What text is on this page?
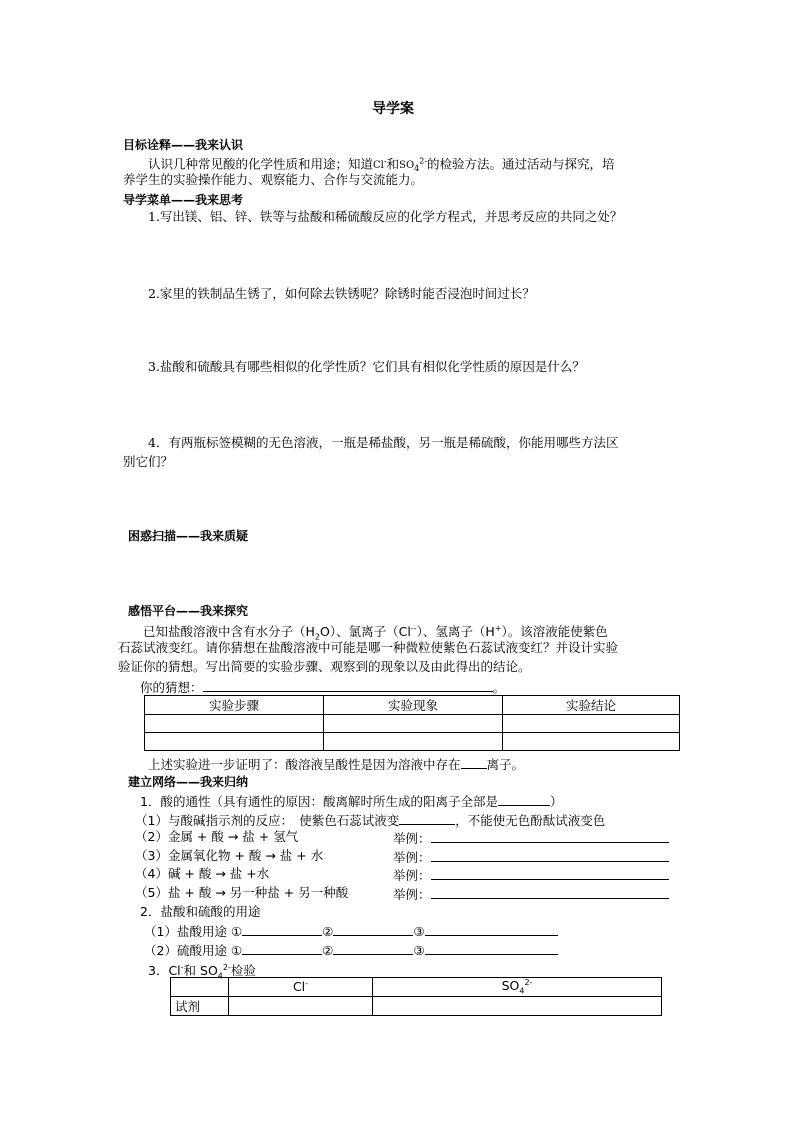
导学案
目标诠释——我来认识
认识几种常见酸的化学性质和用途；知道Cl-和$SO_4^{2-}$的检验方法。通过活动与探究，培
养学生的实验操作能力、观察能力、合作与交流能力。
导学菜单——我来思考
1.写出镁、铝、锌、铁等与盐酸和稀硫酸反应的化学方程式，并思考反应的共同之处？
2.家里的铁制品生锈了，如何除去铁锈呢？除锈时能否浸泡时间过长？
3.盐酸和硫酸具有哪些相似的化学性质？它们具有相似化学性质的原因是什么？
4．有两瓶标签模糊的无色溶液，一瓶是稀盐酸，另一瓶是稀硫酸，你能用哪些方法区
别它们？
困惑扫描——我来质疑
感悟平台——我来探究
已知盐酸溶液中含有水分子$(H_2O)$、氯离子（Cl--）、氢离子（H+）。该溶液能使紫色
石蕊试液变红。请你猜想在盐酸溶液中可能是哪一种微粒使紫色石蕊试液变红？并设计实验
验证你的猜想。写出简要的实验步骤、观察到的现象以及由此得出的结论。
你的猜想：	。
实验步骤	实验现象	实验结论

上述实验进一步证明了：酸溶液呈酸性是因为溶液中存在 离子。
建立网络——我来归纳
1．酸的通性（具有通性的原因：酸离解时所生成的阳离子全部是	）
（1）与酸碱指示剂的反应：　使紫色石蕊试液变	，不能使无色酚酞试液变色
（2）金属 + 酸 → 盐 + 氢气	举例：
（3）金属氧化物 + 酸 → 盐 + 水	举例：
（4）碱 + 酸 → 盐 +水	举例：
（5）盐 + 酸 → 另一种盐 + 另一种酸	举例：
2．盐酸和硫酸的用途
（1）盐酸用途 ①	②	③
（2）硫酸用途 ①	②	③
3．Cl-和 $SO_4^{2-}$检验
	Cl-	$SO_4^{2-}$
试剂		
